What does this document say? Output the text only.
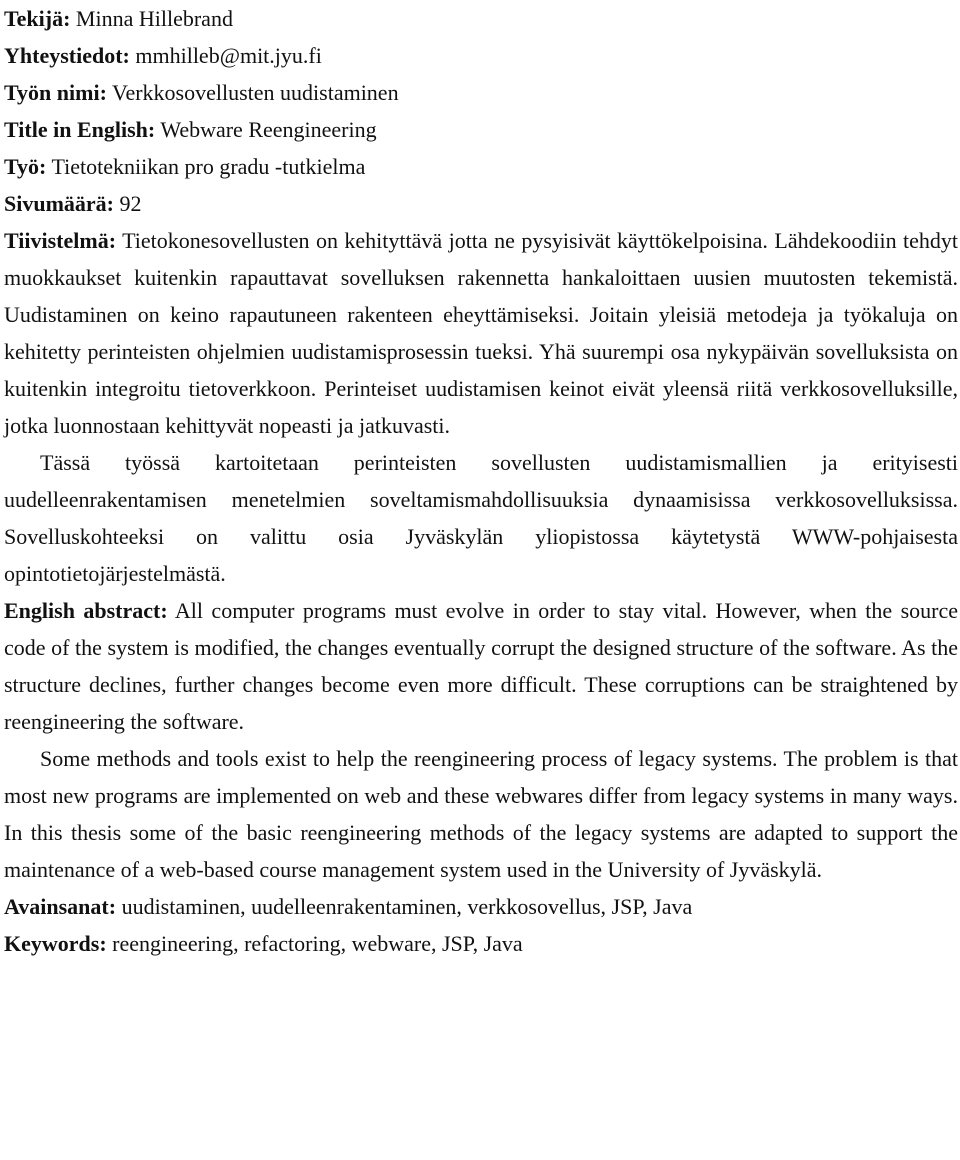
Tekijä: Minna Hillebrand

Yhteystiedot: mmhilleb@mit.jyu.fi

Työn nimi: Verkkosovellusten uudistaminen

Title in English: Webware Reengineering

Työ: Tietotekniikan pro gradu -tutkielma

Sivumäärä: 92

Tiivistelmä: Tietokonesovellusten on kehityttävä jotta ne pysyisivät käyttökelpoisina. Lähdekoodiin tehdyt muokkaukset kuitenkin rapauttavat sovelluksen rakennetta hankaloittaen uusien muutosten tekemistä. Uudistaminen on keino rapautuneen rakenteen eheyttämiseksi. Joitain yleisiä metodeja ja työkaluja on kehitetty perinteisten ohjelmien uudistamisprosessin tueksi. Yhä suurempi osa nykypäivän sovelluksista on kuitenkin integroitu tietoverkkoon. Perinteiset uudistamisen keinot eivät yleensä riitä verkkosovelluksille, jotka luonnostaan kehittyvät nopeasti ja jatkuvasti.

Tässä työssä kartoitetaan perinteisten sovellusten uudistamismallien ja erityisesti uudelleenrakentamisen menetelmien soveltamismahdollisuuksia dynaamisissa verkkosovelluksissa. Sovelluskohteeksi on valittu osia Jyväskylän yliopistossa käytetystä WWW-pohjaisesta opintotietojärjestelmästä.

English abstract: All computer programs must evolve in order to stay vital. However, when the source code of the system is modified, the changes eventually corrupt the designed structure of the software. As the structure declines, further changes become even more difficult. These corruptions can be straightened by reengineering the software.

Some methods and tools exist to help the reengineering process of legacy systems. The problem is that most new programs are implemented on web and these webwares differ from legacy systems in many ways. In this thesis some of the basic reengineering methods of the legacy systems are adapted to support the maintenance of a web-based course management system used in the University of Jyväskylä.

Avainsanat: uudistaminen, uudelleenrakentaminen, verkkosovellus, JSP, Java

Keywords: reengineering, refactoring, webware, JSP, Java
